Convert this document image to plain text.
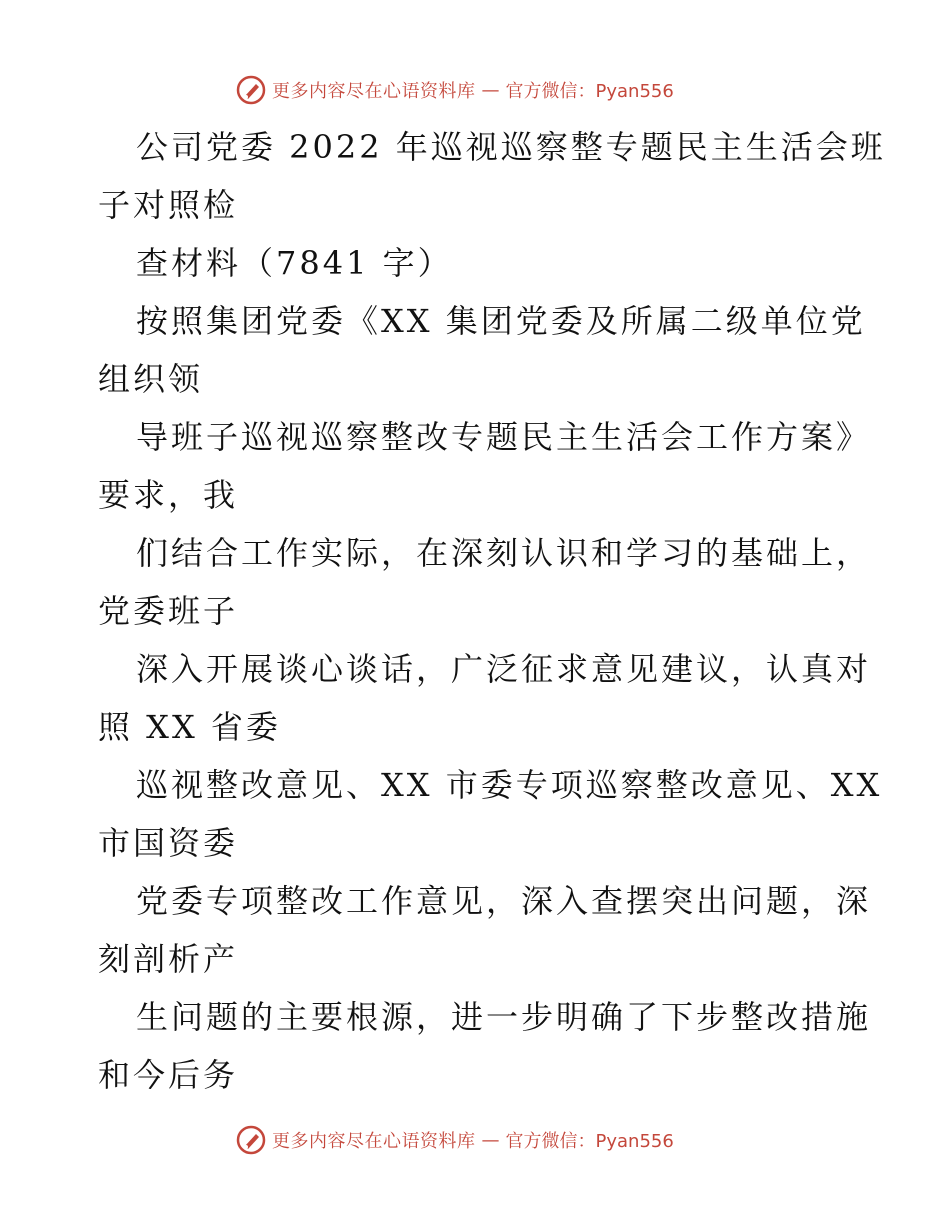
更多内容尽在心语资料库 — 官方微信：Pyan556
公司党委 2022 年巡视巡察整专题民主生活会班
子对照检
查材料（7841 字）
按照集团党委《XX 集团党委及所属二级单位党
组织领
导班子巡视巡察整改专题民主生活会工作方案》
要求，我
们结合工作实际，在深刻认识和学习的基础上，
党委班子
深入开展谈心谈话，广泛征求意见建议，认真对
照 XX 省委
巡视整改意见、XX 市委专项巡察整改意见、XX
市国资委
党委专项整改工作意见，深入查摆突出问题，深
刻剖析产
生问题的主要根源，进一步明确了下步整改措施
和今后务
更多内容尽在心语资料库 — 官方微信：Pyan556
